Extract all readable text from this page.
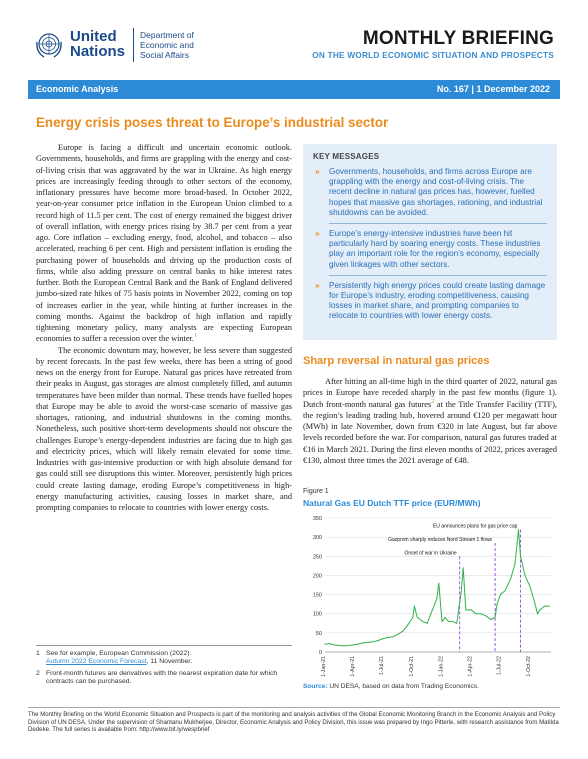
United
Nations
Department of
Economic and
Social Affairs
MONTHLY BRIEFING
ON THE WORLD ECONOMIC SITUATION AND PROSPECTS
Economic Analysis	No. 167 | 1 December 2022
Energy crisis poses threat to Europe’s industrial sector

Europe is facing a difficult and uncertain economic outlook. Governments, households, and firms are grappling with the energy and cost-of-living crisis that was aggravated by the war in Ukraine. As high energy prices are increasingly feeding through to other sectors of the economy, inflationary pressures have become more broad-based. In October 2022, year-on-year consumer price inflation in the European Union climbed to a record high of 11.5 per cent. The cost of energy remained the biggest driver of overall inflation, with energy prices rising by 38.7 per cent from a year ago. Core inflation – excluding energy, food, alcohol, and tobacco – also accelerated, reaching 6 per cent. High and persistent inflation is eroding the purchasing power of households and driving up the production costs of firms, while also adding pressure on central banks to hike interest rates further. Both the European Central Bank and the Bank of England delivered jumbo-sized rate hikes of 75 basis points in November 2022, coming on top of increases earlier in the year, while hinting at further increases in the coming months. Against the backdrop of high inflation and rapidly tightening monetary policy, many analysts are expecting European economies to suffer a recession over the winter.$^1$

The economic downturn may, however, be less severe than suggested by recent forecasts. In the past few weeks, there has been a string of good news on the energy front for Europe. Natural gas prices have retreated from their peaks in August, gas storages are almost completely filled, and autumn temperatures have been milder than normal. These trends have fuelled hopes that Europe may be able to avoid the worst-case scenario of massive gas shortages, rationing, and industrial shutdowns in the coming months. Nonetheless, such positive short-term developments should not obscure the challenges Europe’s energy-dependent industries are facing due to high gas and electricity prices, which will likely remain elevated for some time. Industries with gas-intensive production or with high absolute demand for gas could still see disruptions this winter. Moreover, persistently high prices could create lasting damage, eroding Europe’s competitiveness in high-energy manufacturing activities, causing losses in market share, and prompting companies to relocate to countries with lower energy costs.

KEY MESSAGES
» Governments, households, and firms across Europe are grappling with the energy and cost-of-living crisis. The recent decline in natural gas prices has, however, fuelled hopes that massive gas shortages, rationing, and industrial shutdowns can be avoided.
» Europe’s energy-intensive industries have been hit particularly hard by soaring energy costs. These industries play an important role for the region’s economy, especially given linkages with other sectors.
» Persistently high energy prices could create lasting damage for Europe’s industry, eroding competitiveness, causing losses in market share, and prompting companies to relocate to countries with lower energy costs.
Sharp reversal in natural gas prices

After hitting an all-time high in the third quarter of 2022, natural gas prices in Europe have receded sharply in the past few months (figure 1). Dutch front-month natural gas futures$^2$ at the Title Transfer Facility (TTF), the region’s leading trading hub, hovered around €120 per megawatt hour (MWh) in late November, down from €320 in late August, but far above levels recorded before the war. For comparison, natural gas futures traded at €16 in March 2021. During the first eleven months of 2022, prices averaged €130, almost three times the 2021 average of €48.

Figure 1
Natural Gas EU Dutch TTF price (EUR/MWh)
0
50
100
150
200
250
300
350
1-Jan-21	1-Apr-21	1-Jul-21	1-Oct-21	1-Jan-22	1-Apr-22	1-Jul-22	1-Oct-22
Onset of war in Ukraine
Gazprom sharply reduces Nord Stream 1 flows
EU announces plans for gas price cap
Source: UN DESA, based on data from Trading Economics.
1 See for example, European Commission (2022).
Autumn 2022 Economic Forecast, 11 November.
2 Front-month futures are derivatives with the nearest expiration date for which contracts can be purchased.
The Monthly Briefing on the World Economic Situation and Prospects is part of the monitoring and analysis activities of the Global Economic Monitoring Branch in the Economic Analysis and Policy Division of UN DESA. Under the supervision of Shantanu Mukherjee, Director, Economic Analysis and Policy Division, this issue was prepared by Ingo Pitterle, with research assistance from Matilda Dedeke. The full series is available from: http://www.bit.ly/wespbrief
